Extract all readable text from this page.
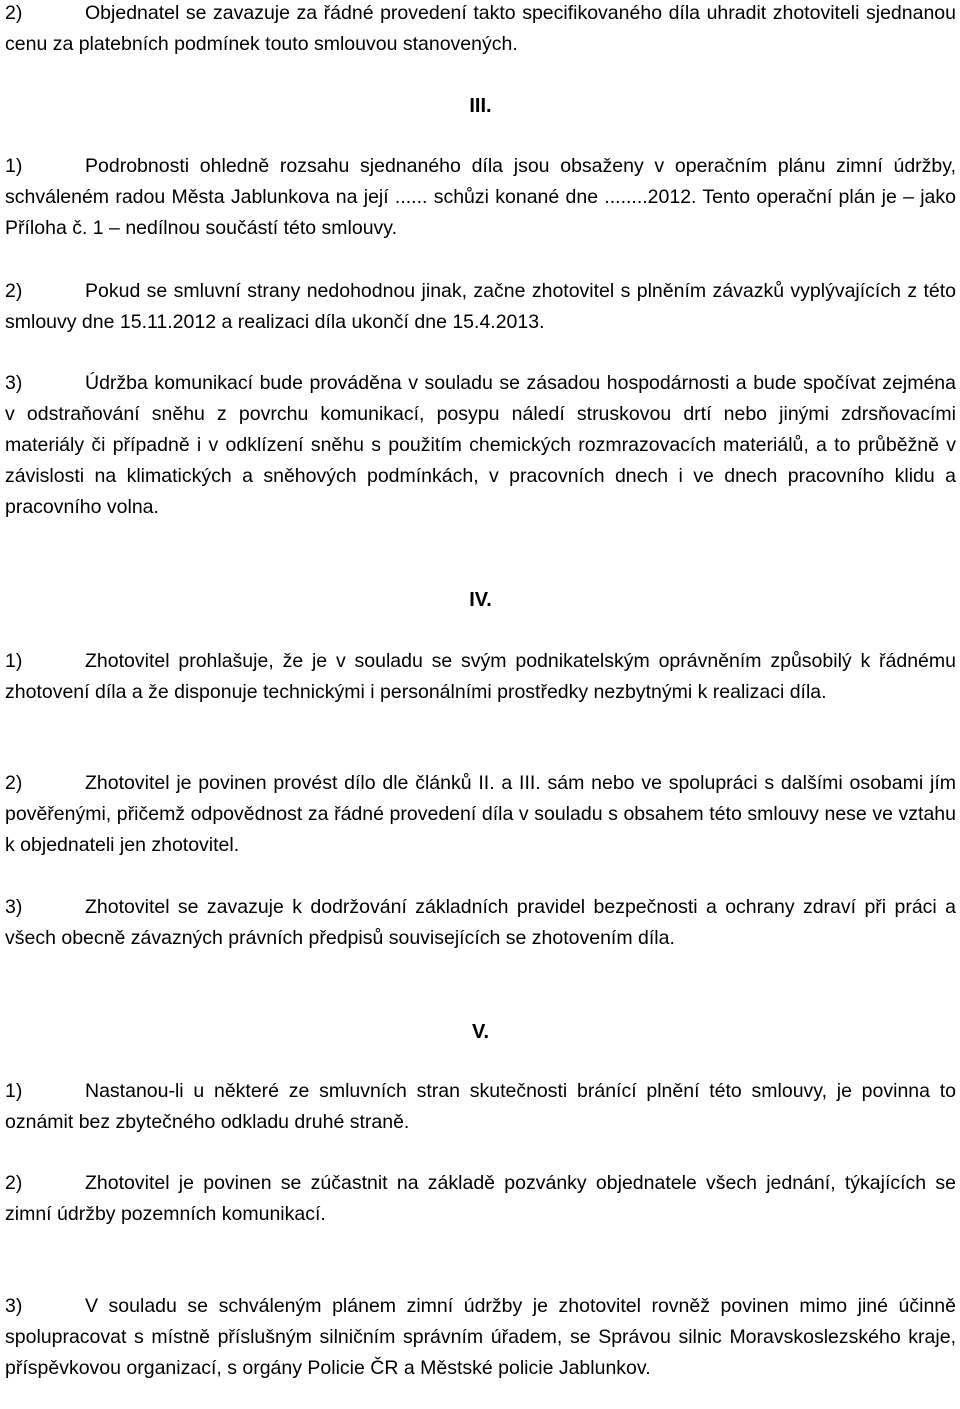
2)	Objednatel se zavazuje za řádné provedení takto specifikovaného díla uhradit zhotoviteli sjednanou cenu za platebních podmínek touto smlouvou stanovených.

III.

1)	Podrobnosti ohledně rozsahu sjednaného díla jsou obsaženy v operačním plánu zimní údržby, schváleném radou Města Jablunkova na její ...... schůzi konané dne ........2012. Tento operační plán je – jako Příloha č. 1 – nedílnou součástí této smlouvy.

2)	Pokud se smluvní strany nedohodnou jinak, začne zhotovitel s plněním závazků vyplývajících z této smlouvy dne 15.11.2012 a realizaci díla ukončí dne 15.4.2013.

3)	Údržba komunikací bude prováděna v souladu se zásadou hospodárnosti a bude spočívat zejména v odstraňování sněhu z povrchu komunikací, posypu náledí struskovou drtí nebo jinými zdrsňovacími materiály či případně i v odklízení sněhu s použitím chemických rozmrazovacích materiálů, a to průběžně v závislosti na klimatických a sněhových podmínkách, v pracovních dnech i ve dnech pracovního klidu a pracovního volna.

IV.

1)	Zhotovitel prohlašuje, že je v souladu se svým podnikatelským oprávněním způsobilý k řádnému zhotovení díla a že disponuje technickými i personálními prostředky nezbytnými k realizaci díla.

2)	Zhotovitel je povinen provést dílo dle článků II. a III. sám nebo ve spolupráci s dalšími osobami jím pověřenými, přičemž odpovědnost za řádné provedení díla v souladu s obsahem této smlouvy nese ve vztahu k objednateli jen zhotovitel.

3)	Zhotovitel se zavazuje k dodržování základních pravidel bezpečnosti a ochrany zdraví při práci a všech obecně závazných právních předpisů souvisejících se zhotovením díla.

V.

1)	Nastanou-li u některé ze smluvních stran skutečnosti bránící plnění této smlouvy, je povinna to oznámit bez zbytečného odkladu druhé straně.

2)	Zhotovitel je povinen se zúčastnit na základě pozvánky objednatele všech jednání, týkajících se zimní údržby pozemních komunikací.

3)	V souladu se schváleným plánem zimní údržby je zhotovitel rovněž povinen mimo jiné účinně spolupracovat s místně příslušným silničním správním úřadem, se Správou silnic Moravskoslezského kraje, příspěvkovou organizací, s orgány Policie ČR a Městské policie Jablunkov.
